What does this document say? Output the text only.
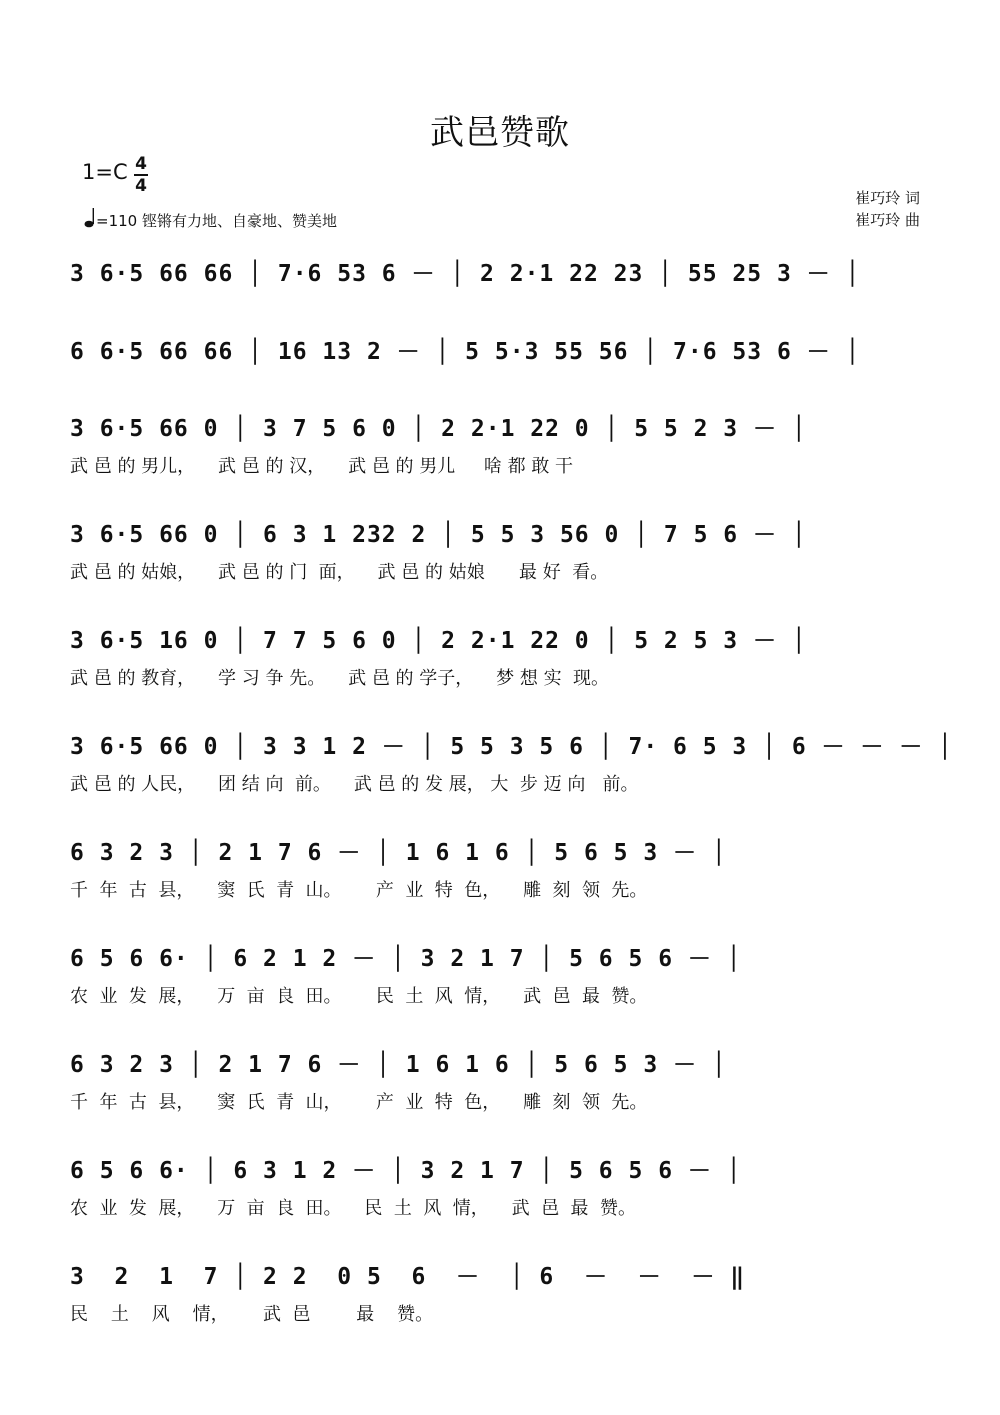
武邑赞歌
1=C 4
4
=110 铿锵有力地、自豪地、赞美地
崔巧玲 词
崔巧玲 曲
3 6·5 66 66 │ 7·6 53 6 － │ 2 2·1 22 23 │ 55 25 3 － │
6 6·5 66 66 │ 16 13 2 － │ 5 5·3 55 56 │ 7·6 53 6 － │
3 6·5 66 0 │ 3 7 5 6 0 │ 2 2·1 22 0 │ 5 5 2 3 － │
武 邑 的 男儿，    武 邑 的 汉，    武 邑 的 男儿     啥 都 敢 干
3 6·5 66 0 │ 6 3 1 232 2 │ 5 5 3 56 0 │ 7 5 6 － │
武 邑 的 姑娘，    武 邑 的 门  面，    武 邑 的 姑娘      最 好  看。
3 6·5 16 0 │ 7 7 5 6 0 │ 2 2·1 22 0 │ 5 2 5 3 － │
武 邑 的 教育，    学 习 争 先。    武 邑 的 学子，    梦 想 实  现。
3 6·5 66 0 │ 3 3 1 2 － │ 5 5 3 5 6 │ 7· 6 5 3 │ 6 － － － │
武 邑 的 人民，    团 结 向  前。    武 邑 的 发 展， 大  步 迈 向   前。
6 3 2 3 │ 2 1 7 6 － │ 1 6 1 6 │ 5 6 5 3 － │
千  年  古  县，    窦  氏  青  山。      产  业  特  色，    雕  刻  领  先。
6 5 6 6· │ 6 2 1 2 － │ 3 2 1 7 │ 5 6 5 6 － │
农  业  发  展，    万  亩  良  田。      民  土  风  情，    武  邑  最  赞。
6 3 2 3 │ 2 1 7 6 － │ 1 6 1 6 │ 5 6 5 3 － │
千  年  古  县，    窦  氏  青  山，      产  业  特  色，    雕  刻  领  先。
6 5 6 6· │ 6 3 1 2 － │ 3 2 1 7 │ 5 6 5 6 － │
农  业  发  展，    万  亩  良  田。    民  土  风  情，    武  邑  最  赞。
3  2  1  7 │ 2 2  0 5  6  －  │ 6  －  －  － ‖
民    土    风    情，      武  邑        最    赞。
